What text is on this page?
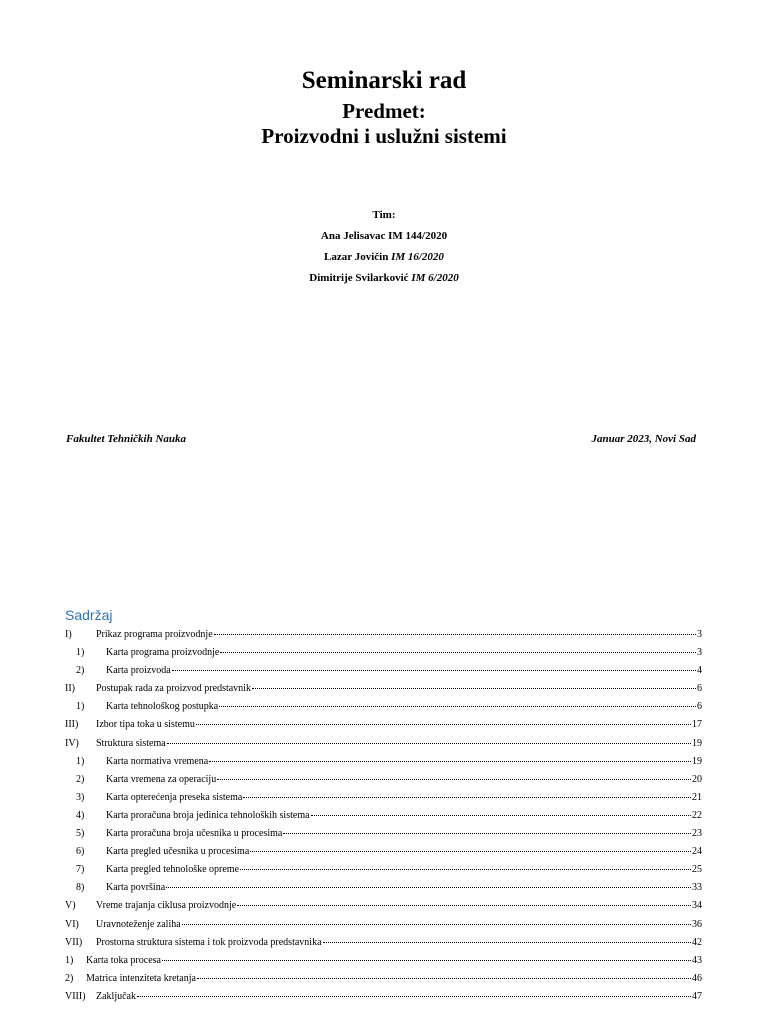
Seminarski rad
Predmet:
Proizvodni i uslužni sistemi
Tim:
Ana Jelisavac IM 144/2020
Lazar Jovičin IM 16/2020
Dimitrije Svilarković IM 6/2020
Fakultet Tehničkih Nauka	Januar 2023, Novi Sad
Sadržaj
I)	Prikaz programa proizvodnje	3
1)	Karta programa proizvodnje	3
2)	Karta proizvoda	4
II)	Postupak rada za proizvod predstavnik	6
1)	Karta tehnološkog postupka	6
III)	Izbor tipa toka u sistemu	17
IV)	Struktura sistema	19
1)	Karta normativa vremena	19
2)	Karta vremena za operaciju	20
3)	Karta opterećenja preseka sistema	21
4)	Karta proračuna broja jedinica tehnoloških sistema	22
5)	Karta proračuna broja učesnika u procesima	23
6)	Karta pregled učesnika u procesima	24
7)	Karta pregled tehnološke opreme	25
8)	Karta površina	33
V)	Vreme trajanja ciklusa proizvodnje	34
VI)	Uravnoteženje zaliha	36
VII)	Prostorna struktura sistema i tok proizvoda predstavnika	42
1)	Karta toka procesa	43
2)	Matrica intenziteta kretanja	46
VIII)	Zaključak	47
